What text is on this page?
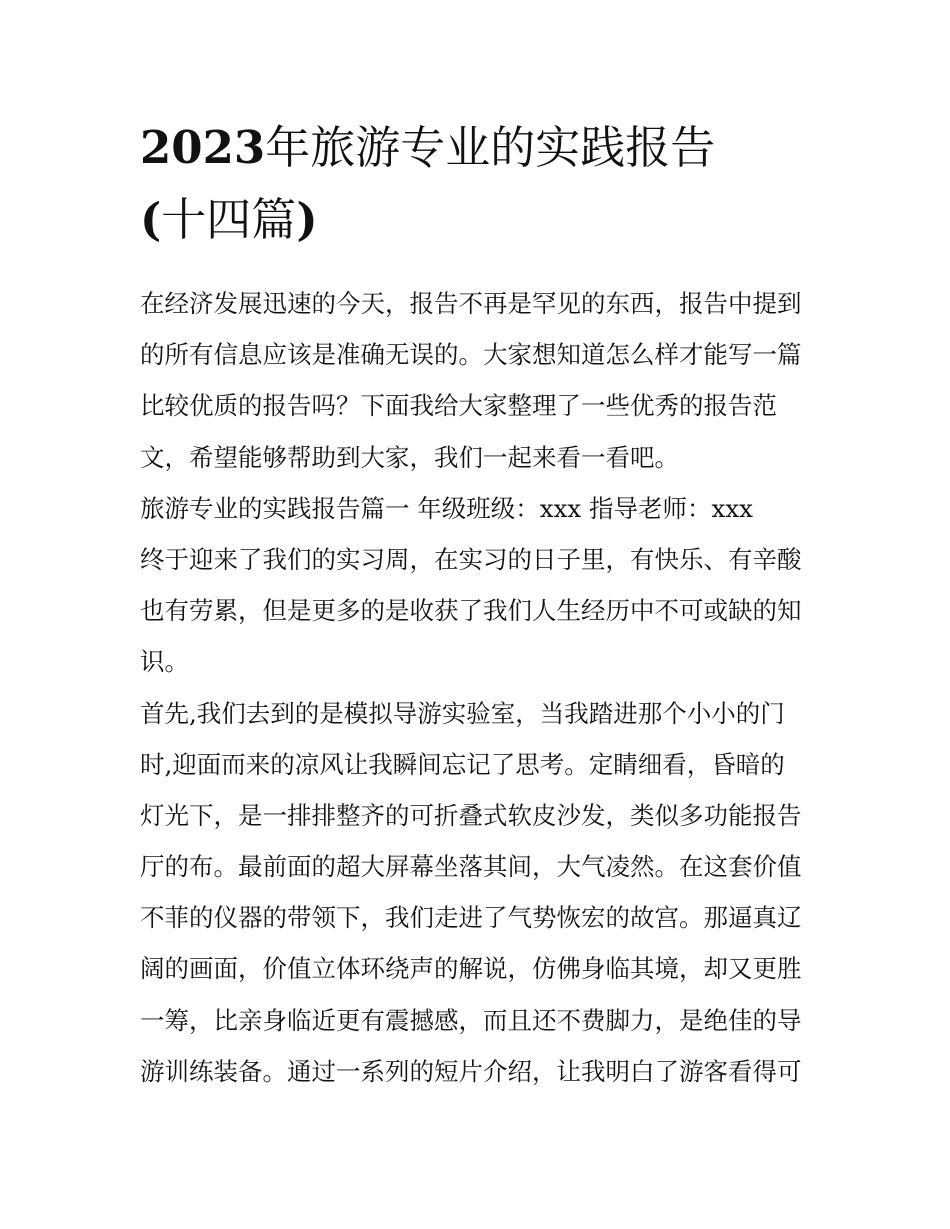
2023年旅游专业的实践报告
(十四篇)
在经济发展迅速的今天，报告不再是罕见的东西，报告中提到
的所有信息应该是准确无误的。大家想知道怎么样才能写一篇
比较优质的报告吗？下面我给大家整理了一些优秀的报告范
文，希望能够帮助到大家，我们一起来看一看吧。
旅游专业的实践报告篇一 年级班级：xxx 指导老师：xxx
终于迎来了我们的实习周，在实习的日子里，有快乐、有辛酸
也有劳累，但是更多的是收获了我们人生经历中不可或缺的知
识。
首先,我们去到的是模拟导游实验室，当我踏进那个小小的门
时,迎面而来的凉风让我瞬间忘记了思考。定睛细看，昏暗的
灯光下，是一排排整齐的可折叠式软皮沙发，类似多功能报告
厅的布。最前面的超大屏幕坐落其间，大气凌然。在这套价值
不菲的仪器的带领下，我们走进了气势恢宏的故宫。那逼真辽
阔的画面，价值立体环绕声的解说，仿佛身临其境，却又更胜
一筹，比亲身临近更有震撼感，而且还不费脚力，是绝佳的导
游训练装备。通过一系列的短片介绍，让我明白了游客看得可
